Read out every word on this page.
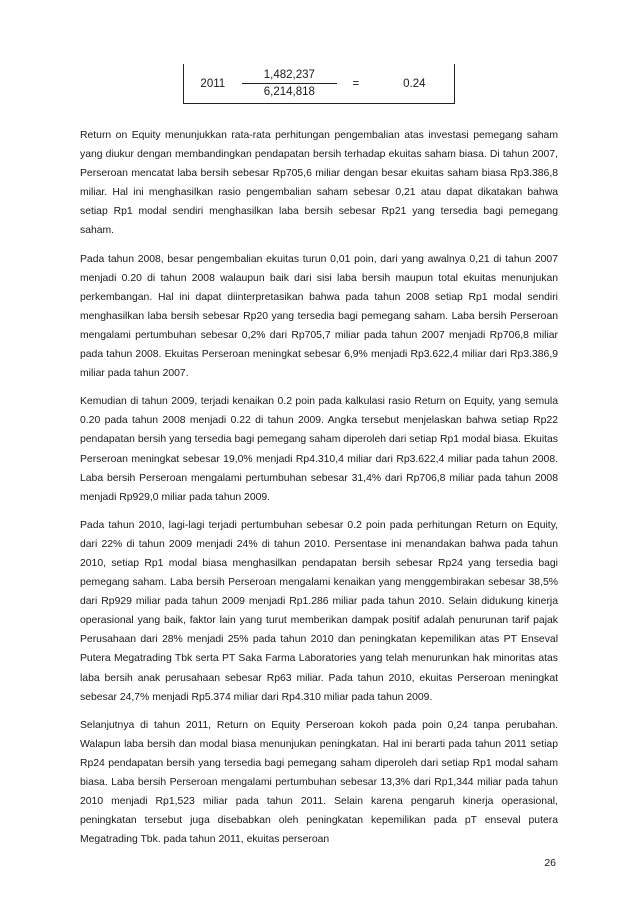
2011	
1,482,237
6,214,818
	=	0.24

Return on Equity menunjukkan rata-rata perhitungan pengembalian atas investasi pemegang saham yang diukur dengan membandingkan pendapatan bersih terhadap ekuitas saham biasa. Di tahun 2007, Perseroan mencatat laba bersih sebesar Rp705,6 miliar dengan besar ekuitas saham biasa Rp3.386,8 miliar. Hal ini menghasilkan rasio pengembalian saham sebesar 0,21 atau dapat dikatakan bahwa setiap Rp1 modal sendiri menghasilkan laba bersih sebesar Rp21 yang tersedia bagi pemegang saham.

Pada tahun 2008, besar pengembalian ekuitas turun 0,01 poin, dari yang awalnya 0,21 di tahun 2007 menjadi 0.20 di tahun 2008 walaupun baik dari sisi laba bersih maupun total ekuitas menunjukan perkembangan. Hal ini dapat diinterpretasikan bahwa pada tahun 2008 setiap Rp1 modal sendiri menghasilkan laba bersih sebesar Rp20 yang tersedia bagi pemegang saham. Laba bersih Perseroan mengalami pertumbuhan sebesar 0,2% dari Rp705,7 miliar pada tahun 2007 menjadi Rp706,8 miliar pada tahun 2008. Ekuitas Perseroan meningkat sebesar 6,9% menjadi Rp3.622,4 miliar dari Rp3.386,9 miliar pada tahun 2007.

Kemudian di tahun 2009, terjadi kenaikan 0.2 poin pada kalkulasi rasio Return on Equity, yang semula 0.20 pada tahun 2008 menjadi 0.22 di tahun 2009. Angka tersebut menjelaskan bahwa setiap Rp22 pendapatan bersih yang tersedia bagi pemegang saham diperoleh dari setiap Rp1 modal biasa. Ekuitas Perseroan meningkat sebesar 19,0% menjadi Rp4.310,4 miliar dari Rp3.622,4 miliar pada tahun 2008. Laba bersih Perseroan mengalami pertumbuhan sebesar 31,4% dari Rp706,8 miliar pada tahun 2008 menjadi Rp929,0 miliar pada tahun 2009.

Pada tahun 2010, lagi-lagi terjadi pertumbuhan sebesar 0.2 poin pada perhitungan Return on Equity, dari 22% di tahun 2009 menjadi 24% di tahun 2010. Persentase ini menandakan bahwa pada tahun 2010, setiap Rp1 modal biasa menghasilkan pendapatan bersih sebesar Rp24 yang tersedia bagi pemegang saham. Laba bersih Perseroan mengalami kenaikan yang menggembirakan sebesar 38,5% dari Rp929 miliar pada tahun 2009 menjadi Rp1.286 miliar pada tahun 2010. Selain didukung kinerja operasional yang baik, faktor lain yang turut memberikan dampak positif adalah penurunan tarif pajak Perusahaan dari 28% menjadi 25% pada tahun 2010 dan peningkatan kepemilikan atas PT Enseval Putera Megatrading Tbk serta PT Saka Farma Laboratories yang telah menurunkan hak minoritas atas laba bersih anak perusahaan sebesar Rp63 miliar. Pada tahun 2010, ekuitas Perseroan meningkat sebesar 24,7% menjadi Rp5.374 miliar dari Rp4.310 miliar pada tahun 2009.

Selanjutnya di tahun 2011, Return on Equity Perseroan kokoh pada poin 0,24 tanpa perubahan. Walapun laba bersih dan modal biasa menunjukan peningkatan. Hal ini berarti pada tahun 2011 setiap Rp24 pendapatan bersih yang tersedia bagi pemegang saham diperoleh dari setiap Rp1 modal saham biasa. Laba bersih Perseroan mengalami pertumbuhan sebesar 13,3% dari Rp1,344 miliar pada tahun 2010 menjadi Rp1,523 miliar pada tahun 2011. Selain karena pengaruh kinerja operasional, peningkatan tersebut juga disebabkan oleh peningkatan kepemilikan pada pT enseval putera Megatrading Tbk. pada tahun 2011, ekuitas perseroan

26
